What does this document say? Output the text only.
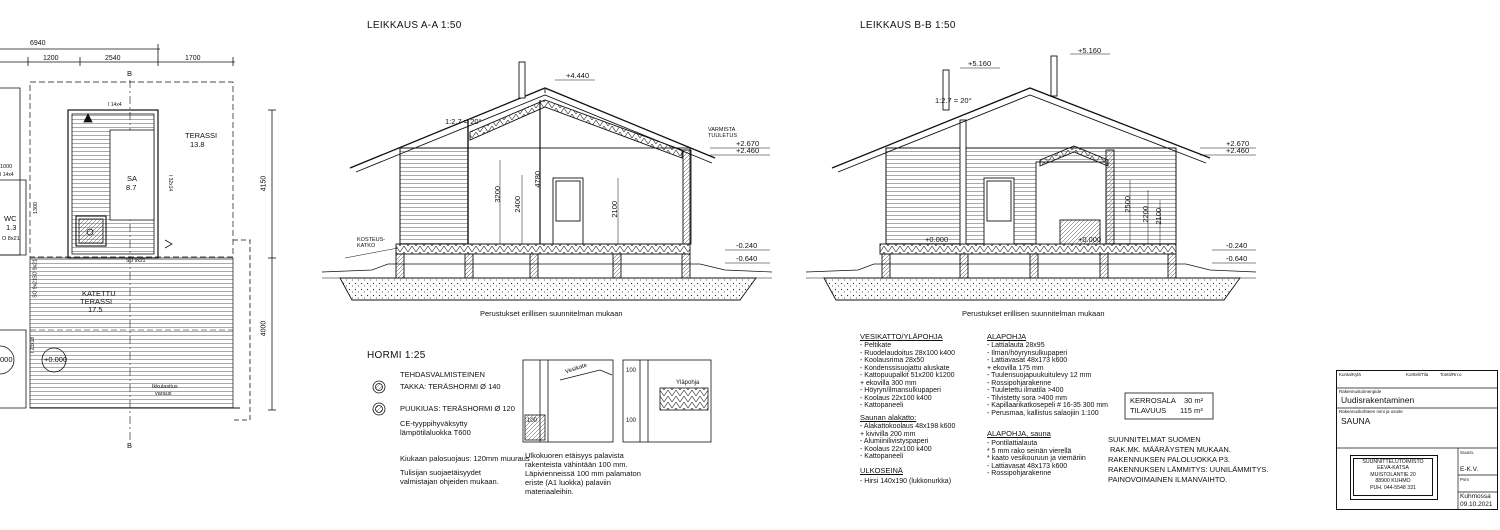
6940
1200	2540	1700
4150
4000
B
B
I 14x4
TERASSI
13.8
SA
8.7
WC
1.3
KATETTU
TERASSI
17.5
1000
I 14x4
1300
O 8x21
SO 9x21
SO 9x21
SO 9x21
I 32x14
I 23x18
+0.000
000
Ikkulasitus
varaus
LEIKKAUS A-A 1:50	LEIKKAUS B-B 1:50
1:2.7 = 20°
+4.440
+2.670
+2.460
-0.240
-0.640
VARMISTA
TUULETUS
KOSTEUS-
KATKO
3200
2400
4780
2100
Perustukset erillisen suunnitelman mukaan
1:2.7 = 20°
+5.160
+5.160
+2.670
+2.460
+0.000	+0.000
-0.240
-0.640
2500
2200 2100
Perustukset erillisen suunnitelman mukaan
HORMI 1:25
TEHDASVALMISTEINEN
TAKKA: TERÄSHORMI Ø 140
PUUKIUAS: TERÄSHORMI Ø 120
CE-tyyppihyväksytty
lämpötilaluokka T600
Kiukaan palosuojaus: 120mm muuraus
Tulisijan suojaetäisyydet
valmistajan ohjeiden mukaan.
100
Vesikate	100
100
Yläpohja
Ulkokuoren etäisyys palavista
rakenteista vähintään 100 mm.
Läpivienneissä 100 mm palamaton
eriste (A1 luokka) palaviin
materiaaleihin.
VESIKATTO/YLÄPOHJA
- Peltikate
- Ruodelaudoitus 28x100 k400
- Koolausrima 28x50
- Kondenssisuojattu aluskate
- Kattopuupalkit 51x200 k1200
+ ekovilla 300 mm
- Höyryn/ilmansulkupaperi
- Koolaus 22x100 k400
- Kattopaneeli
Saunan alakatto:
- Alakattokoolaus 48x198 k600
+ kivivilla 200 mm
- Alumiinilivistyspaperi
- Koolaus 22x100 k400
- Kattopaneeli
ULKOSEINÄ
- Hirsi 140x190 (lukkonurkka)
ALAPOHJA
- Lattialauta 28x95
- Ilman/höyrynsulkupaperi
- Lattiavasat 48x173 k600
+ ekovilla 175 mm
- Tuulensuojapuukuitulevy 12 mm
- Rossipohjarakenne
- Tuuletettu ilmatila >400
- Tilvistetty sora >400 mm
- Kapillaarikatkosepeli # 16-35 300 mm
- Perusmaa, kallistus salaojiin 1:100
ALAPOHJA, sauna
- Pontilattialauta
* 5 mm rako seinän vierellä
* kaato vesikouruun ja viemäriin
- Lattiavasat 48x173 k600
- Rossipohjarakenne
KERROSALA 30 m²
TILAVUUS 115 m³
SUUNNITELMAT SUOMEN
RAK.MK. MÄÄRÄYSTEN MUKAAN.
RAKENNUKSEN PALOLUOKKA P3.
RAKENNUKSEN LÄMMITYS: UUNILÄMMITYS.
PAINOVOIMAINEN ILMANVAIHTO.
Kunta/Kylä	Kortteli/Tila	Tontti/Rn:o
Rakennustoimenpide
Uudisrakentaminen
Rakennuskohteen nimi ja osoite
SAUNA
SUUNNITTELUTOIMISTO
EEVA-KATSA
MUISTOLANTIE 20
88900 KUHMO
PUH. 044-5548 331
Suunn.
E-K.V.
Pvm
Kuhmossa
09.10.2021
